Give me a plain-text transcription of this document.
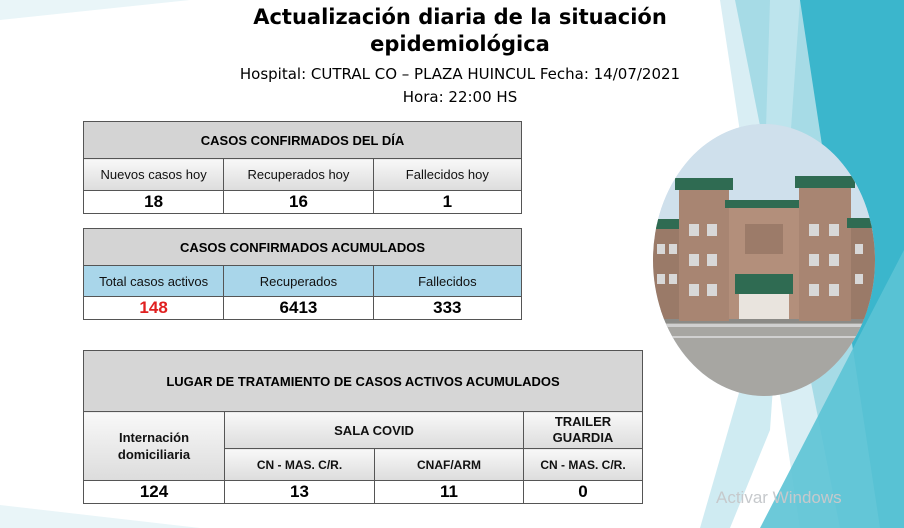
Actualización diaria de la situación
epidemiológica
Hospital: CUTRAL CO – PLAZA HUINCUL Fecha: 14/07/2021
Hora: 22:00 HS
CASOS CONFIRMADOS DEL DÍA		
Nuevos casos hoy	Recuperados hoy	Fallecidos hoy
18	16	1
CASOS CONFIRMADOS ACUMULADOS		
Total casos activos	Recuperados	Fallecidos
148	6413	333
LUGAR DE TRATAMIENTO DE CASOS ACTIVOS ACUMULADOS			
Internación domiciliaria	SALA COVID		TRAILER GUARDIA
	CN - MAS. C/R.	CNAF/ARM	CN - MAS. C/R.
124	13	11	0	Activar Windows
